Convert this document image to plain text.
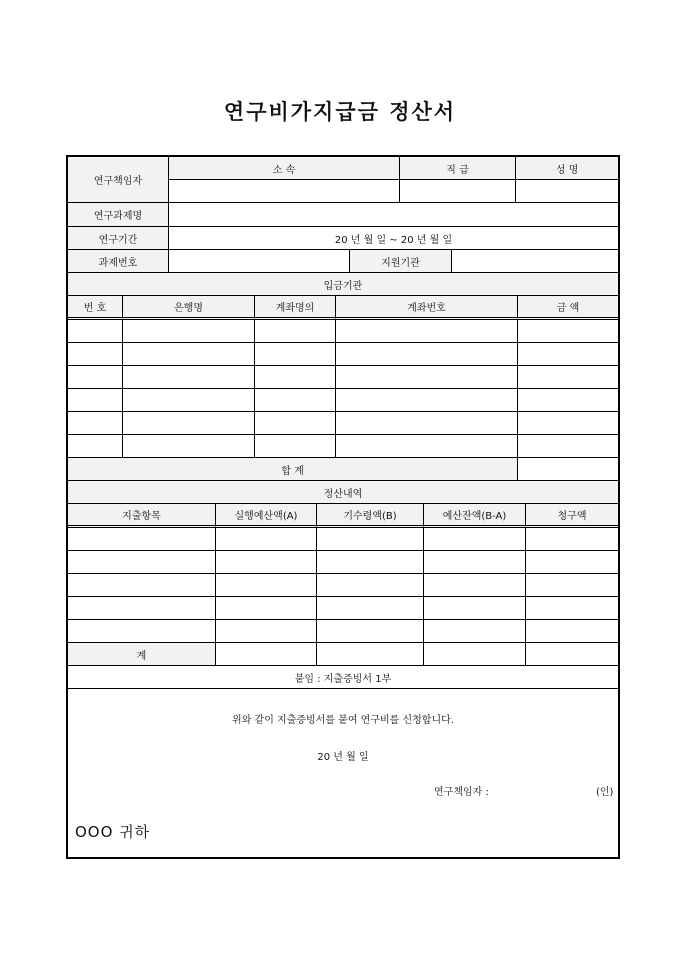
연구비가지급금 정산서
연구책임자
소 속	직 급	성 명
연구과제명
연구기간	20 년 월 일 ~ 20 년 월 일
과제번호	지원기관
입금기관
번 호	은행명	계좌명의	계좌번호	금 액
합 계
정산내역
지출항목	실행예산액(A)	기수령액(B)	예산잔액(B-A)	청구액
계
붙임 : 지출증빙서 1부
위와 같이 지출증빙서를 붙여 연구비를 신청합니다.
20 년 월 일
연구책임자 :	(인)
OOO 귀하
